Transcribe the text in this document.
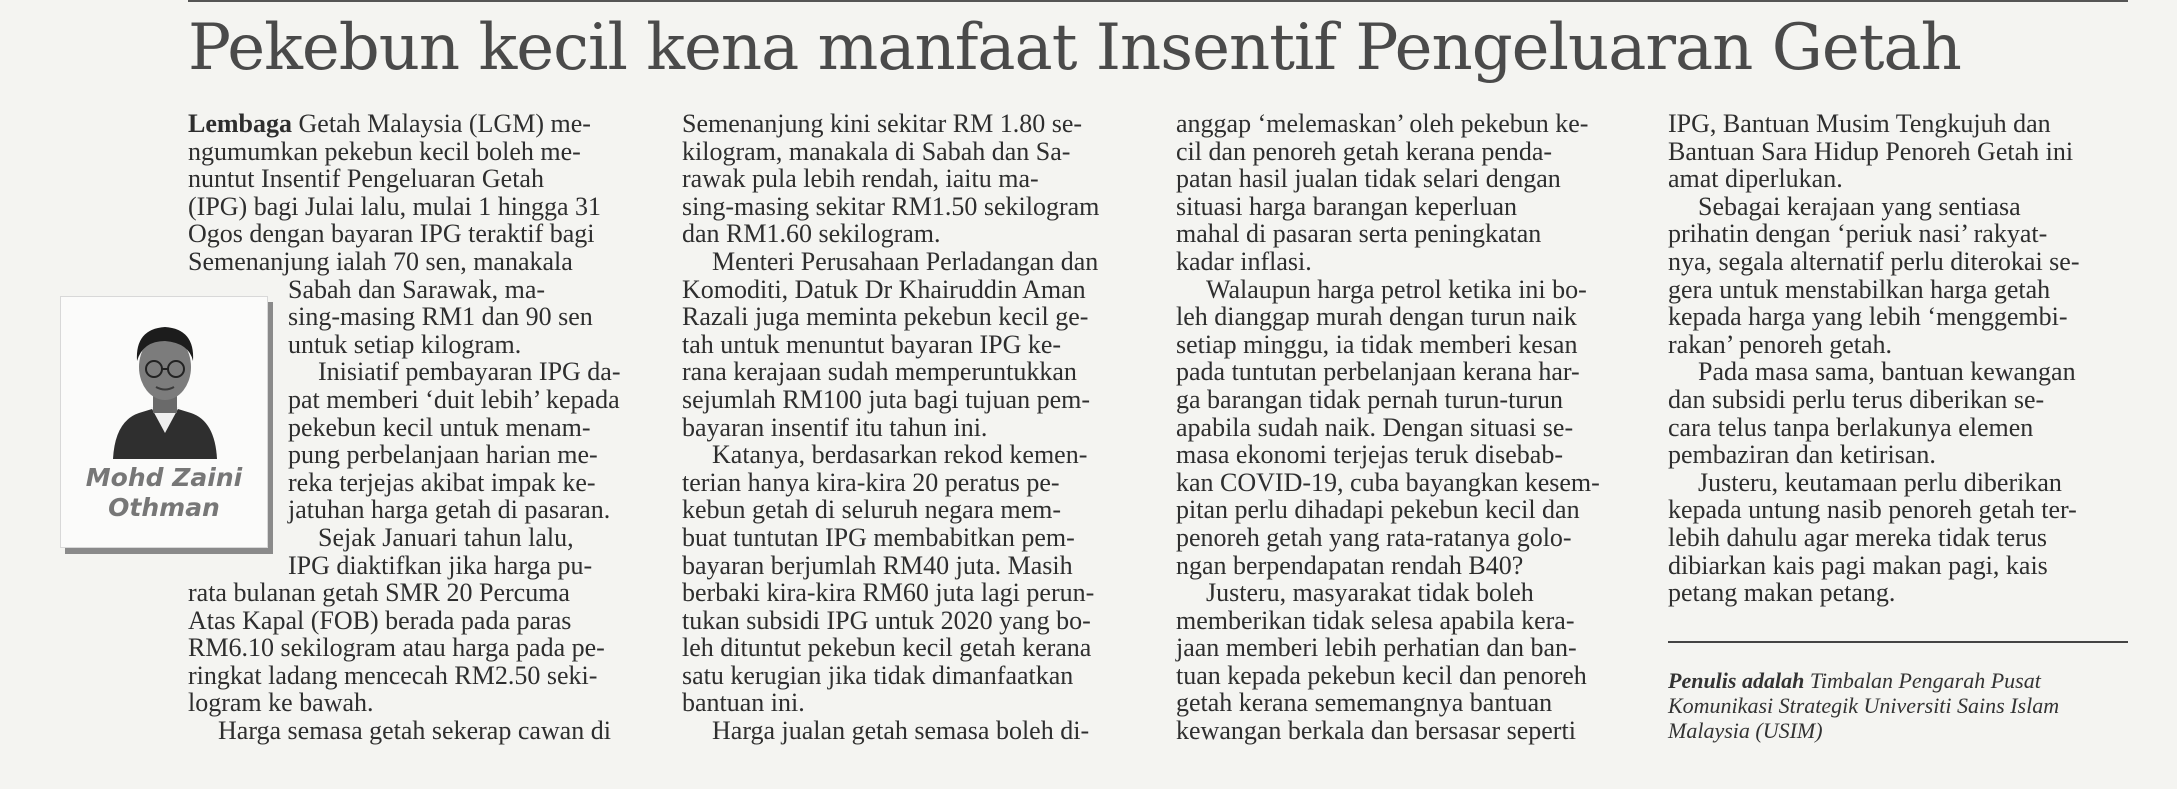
Pekebun kecil kena manfaat Insentif Pengeluaran Getah
Lembaga Getah Malaysia (LGM) me-
ngumumkan pekebun kecil boleh me-
nuntut Insentif Pengeluaran Getah
(IPG) bagi Julai lalu, mulai 1 hingga 31
Ogos dengan bayaran IPG teraktif bagi
Semenanjung ialah 70 sen, manakala
Sabah dan Sarawak, ma-
sing-masing RM1 dan 90 sen
untuk setiap kilogram.
Inisiatif pembayaran IPG da-
pat memberi ‘duit lebih’ kepada
pekebun kecil untuk menam-
pung perbelanjaan harian me-
reka terjejas akibat impak ke-
jatuhan harga getah di pasaran.
Sejak Januari tahun lalu,
IPG diaktifkan jika harga pu-
rata bulanan getah SMR 20 Percuma
Atas Kapal (FOB) berada pada paras
RM6.10 sekilogram atau harga pada pe-
ringkat ladang mencecah RM2.50 seki-
logram ke bawah.
Harga semasa getah sekerap cawan di
Semenanjung kini sekitar RM 1.80 se-
kilogram, manakala di Sabah dan Sa-
rawak pula lebih rendah, iaitu ma-
sing-masing sekitar RM1.50 sekilogram
dan RM1.60 sekilogram.
Menteri Perusahaan Perladangan dan
Komoditi, Datuk Dr Khairuddin Aman
Razali juga meminta pekebun kecil ge-
tah untuk menuntut bayaran IPG ke-
rana kerajaan sudah memperuntukkan
sejumlah RM100 juta bagi tujuan pem-
bayaran insentif itu tahun ini.
Katanya, berdasarkan rekod kemen-
terian hanya kira-kira 20 peratus pe-
kebun getah di seluruh negara mem-
buat tuntutan IPG membabitkan pem-
bayaran berjumlah RM40 juta. Masih
berbaki kira-kira RM60 juta lagi perun-
tukan subsidi IPG untuk 2020 yang bo-
leh dituntut pekebun kecil getah kerana
satu kerugian jika tidak dimanfaatkan
bantuan ini.
Harga jualan getah semasa boleh di-
anggap ‘melemaskan’ oleh pekebun ke-
cil dan penoreh getah kerana penda-
patan hasil jualan tidak selari dengan
situasi harga barangan keperluan
mahal di pasaran serta peningkatan
kadar inflasi.
Walaupun harga petrol ketika ini bo-
leh dianggap murah dengan turun naik
setiap minggu, ia tidak memberi kesan
pada tuntutan perbelanjaan kerana har-
ga barangan tidak pernah turun-turun
apabila sudah naik. Dengan situasi se-
masa ekonomi terjejas teruk disebab-
kan COVID-19, cuba bayangkan kesem-
pitan perlu dihadapi pekebun kecil dan
penoreh getah yang rata-ratanya golo-
ngan berpendapatan rendah B40?
Justeru, masyarakat tidak boleh
memberikan tidak selesa apabila kera-
jaan memberi lebih perhatian dan ban-
tuan kepada pekebun kecil dan penoreh
getah kerana sememangnya bantuan
kewangan berkala dan bersasar seperti
IPG, Bantuan Musim Tengkujuh dan
Bantuan Sara Hidup Penoreh Getah ini
amat diperlukan.
Sebagai kerajaan yang sentiasa
prihatin dengan ‘periuk nasi’ rakyat-
nya, segala alternatif perlu diterokai se-
gera untuk menstabilkan harga getah
kepada harga yang lebih ‘menggembi-
rakan’ penoreh getah.
Pada masa sama, bantuan kewangan
dan subsidi perlu terus diberikan se-
cara telus tanpa berlakunya elemen
pembaziran dan ketirisan.
Justeru, keutamaan perlu diberikan
kepada untung nasib penoreh getah ter-
lebih dahulu agar mereka tidak terus
dibiarkan kais pagi makan pagi, kais
petang makan petang.
Mohd Zaini
Othman
Penulis adalah Timbalan Pengarah Pusat
Komunikasi Strategik Universiti Sains Islam
Malaysia (USIM)
